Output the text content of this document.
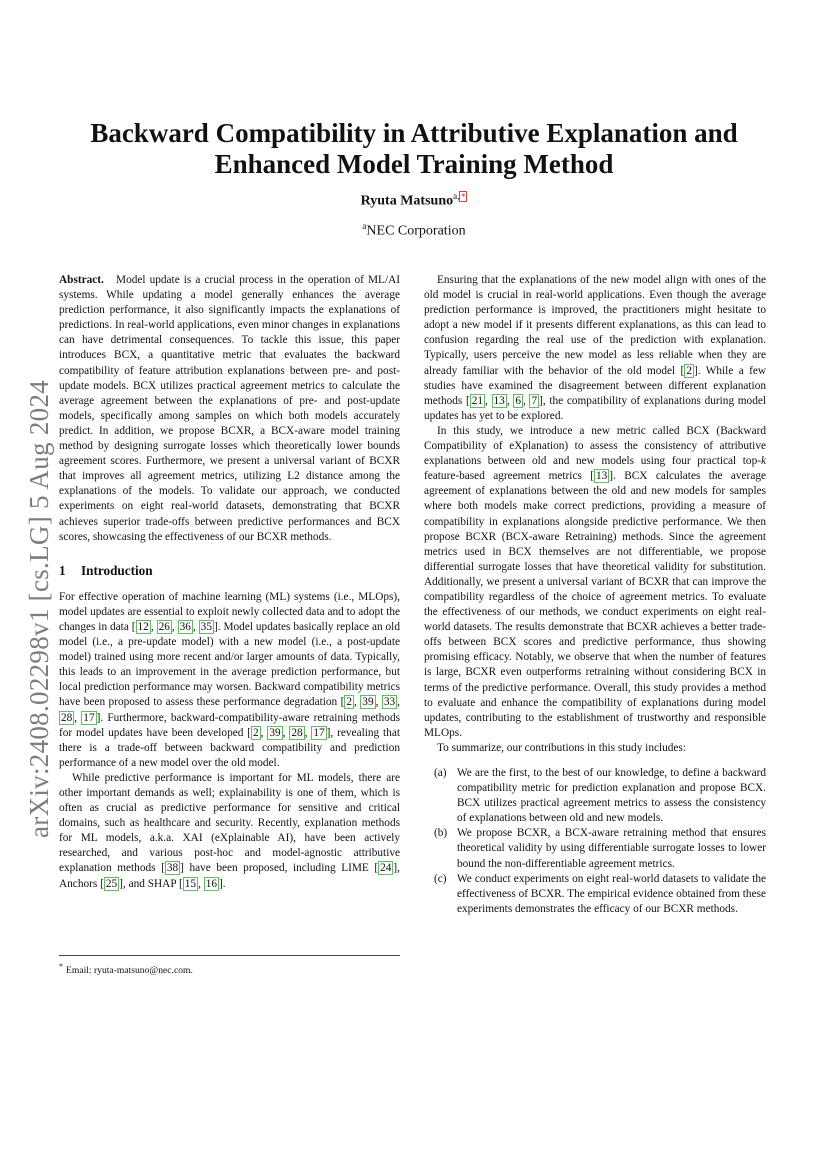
arXiv:2408.02298v1 [cs.LG] 5 Aug 2024
Backward Compatibility in Attributive Explanation and Enhanced Model Training Method
Ryuta Matsuno$^{a,}$ *
$^a$NEC Corporation

Abstract. Model update is a crucial process in the operation of ML/AI systems. While updating a model generally enhances the average prediction performance, it also significantly impacts the explanations of predictions. In real-world applications, even minor changes in explanations can have detrimental consequences. To tackle this issue, this paper introduces BCX, a quantitative metric that evaluates the backward compatibility of feature attribution explanations between pre- and post-update models. BCX utilizes practical agreement metrics to calculate the average agreement between the explanations of pre- and post-update models, specifically among samples on which both models accurately predict. In addition, we propose BCXR, a BCX-aware model training method by designing surrogate losses which theoretically lower bounds agreement scores. Furthermore, we present a universal variant of BCXR that improves all agreement metrics, utilizing L2 distance among the explanations of the models. To validate our approach, we conducted experiments on eight real-world datasets, demonstrating that BCXR achieves superior trade-offs between predictive performances and BCX scores, showcasing the effectiveness of our BCXR methods.

1 Introduction

For effective operation of machine learning (ML) systems (i.e., MLOps), model updates are essential to exploit newly collected data and to adopt the changes in data [ 12 , 26 , 36 , 35 ]. Model updates basically replace an old model (i.e., a pre-update model) with a new model (i.e., a post-update model) trained using more recent and/or larger amounts of data. Typically, this leads to an improvement in the average prediction performance, but local prediction performance may worsen. Backward compatibility metrics have been proposed to assess these performance degradation [ 2 , 39 , 33 , 28 , 17 ]. Furthermore, backward-compatibility-aware retraining methods for model updates have been developed [ 2 , 39 , 28 , 17 ], revealing that there is a trade-off between backward compatibility and prediction performance of a new model over the old model.

While predictive performance is important for ML models, there are other important demands as well; explainability is one of them, which is often as crucial as predictive performance for sensitive and critical domains, such as healthcare and security. Recently, explanation methods for ML models, a.k.a. XAI (eXplainable AI), have been actively researched, and various post-hoc and model-agnostic attributive explanation methods [ 38 ] have been proposed, including LIME [ 24 ], Anchors [ 25 ], and SHAP [ 15 , 16 ].

* Email: ryuta-matsuno@nec.com.

Ensuring that the explanations of the new model align with ones of the old model is crucial in real-world applications. Even though the average prediction performance is improved, the practitioners might hesitate to adopt a new model if it presents different explanations, as this can lead to confusion regarding the real use of the prediction with explanation. Typically, users perceive the new model as less reliable when they are already familiar with the behavior of the old model [ 2 ]. While a few studies have examined the disagreement between different explanation methods [ 21 , 13 , 6 , 7 ], the compatibility of explanations during model updates has yet to be explored.

In this study, we introduce a new metric called BCX (Backward Compatibility of eXplanation) to assess the consistency of attributive explanations between old and new models using four practical top-k feature-based agreement metrics [ 13 ]. BCX calculates the average agreement of explanations between the old and new models for samples where both models make correct predictions, providing a measure of compatibility in explanations alongside predictive performance. We then propose BCXR (BCX-aware Retraining) methods. Since the agreement metrics used in BCX themselves are not differentiable, we propose differential surrogate losses that have theoretical validity for substitution. Additionally, we present a universal variant of BCXR that can improve the compatibility regardless of the choice of agreement metrics. To evaluate the effectiveness of our methods, we conduct experiments on eight real-world datasets. The results demonstrate that BCXR achieves a better trade-offs between BCX scores and predictive performance, thus showing promising efficacy. Notably, we observe that when the number of features is large, BCXR even outperforms retraining without considering BCX in terms of the predictive performance. Overall, this study provides a method to evaluate and enhance the compatibility of explanations during model updates, contributing to the establishment of trustworthy and responsible MLOps.

To summarize, our contributions in this study includes:

(a) We are the first, to the best of our knowledge, to define a backward compatibility metric for prediction explanation and propose BCX. BCX utilizes practical agreement metrics to assess the consistency of explanations between old and new models.
(b) We propose BCXR, a BCX-aware retraining method that ensures theoretical validity by using differentiable surrogate losses to lower bound the non-differentiable agreement metrics.
(c) We conduct experiments on eight real-world datasets to validate the effectiveness of BCXR. The empirical evidence obtained from these experiments demonstrates the efficacy of our BCXR methods.
